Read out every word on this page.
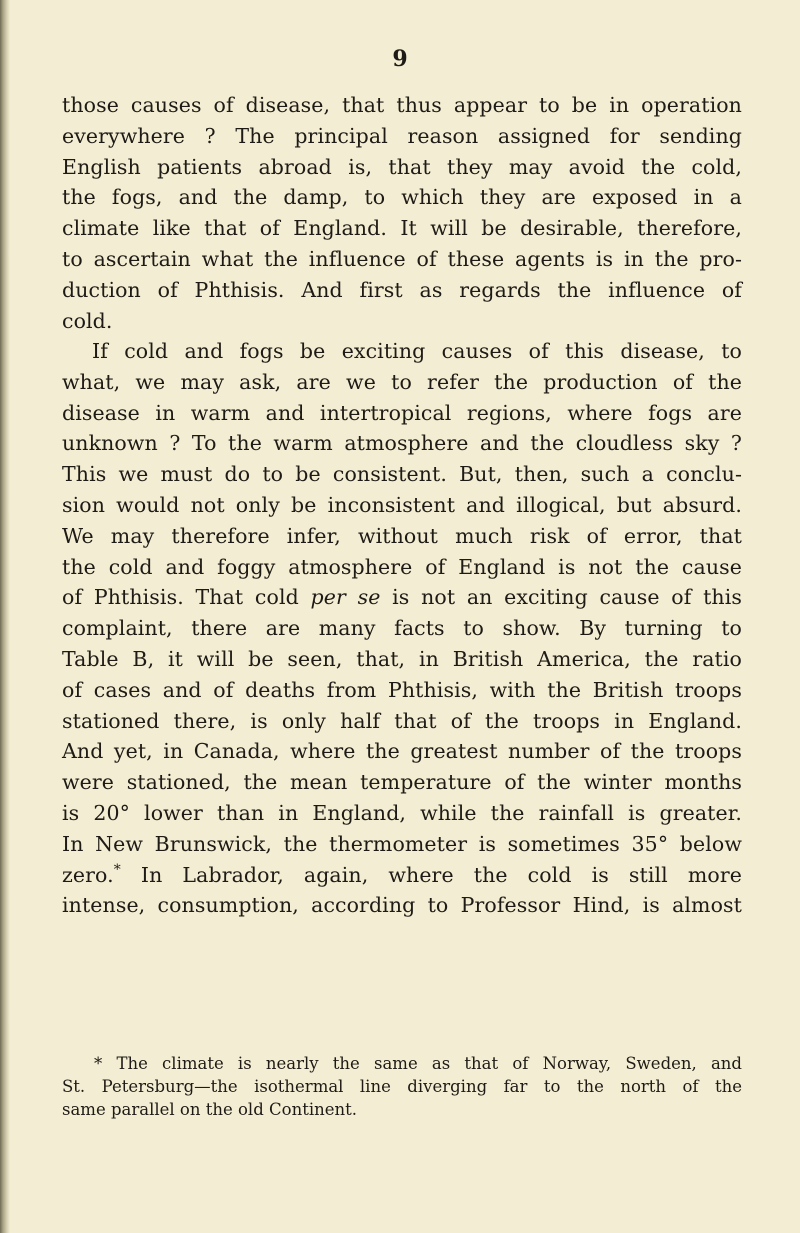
9
those causes of disease, that thus appear to be in operation
everywhere ? The principal reason assigned for sending
English patients abroad is, that they may avoid the cold,
the fogs, and the damp, to which they are exposed in a
climate like that of England. It will be desirable, therefore,
to ascertain what the influence of these agents is in the pro-
duction of Phthisis. And first as regards the influence of
cold.
If cold and fogs be exciting causes of this disease, to
what, we may ask, are we to refer the production of the
disease in warm and intertropical regions, where fogs are
unknown ? To the warm atmosphere and the cloudless sky ?
This we must do to be consistent. But, then, such a conclu-
sion would not only be inconsistent and illogical, but absurd.
We may therefore infer, without much risk of error, that
the cold and foggy atmosphere of England is not the cause
of Phthisis. That cold per se is not an exciting cause of this
complaint, there are many facts to show. By turning to
Table B, it will be seen, that, in British America, the ratio
of cases and of deaths from Phthisis, with the British troops
stationed there, is only half that of the troops in England.
And yet, in Canada, where the greatest number of the troops
were stationed, the mean temperature of the winter months
is 20° lower than in England, while the rainfall is greater.
In New Brunswick, the thermometer is sometimes 35° below
zero.* In Labrador, again, where the cold is still more
intense, consumption, according to Professor Hind, is almost
* The climate is nearly the same as that of Norway, Sweden, and
St. Petersburg—the isothermal line diverging far to the north of the
same parallel on the old Continent.
